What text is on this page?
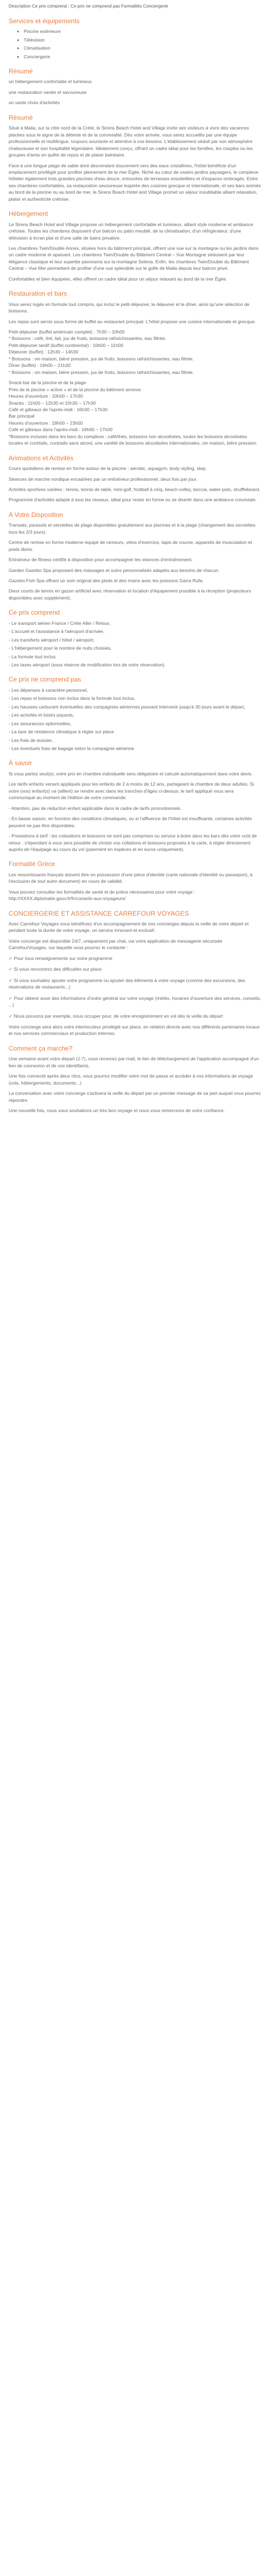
Description Ce prix comprend ; Ce prix ne comprend pas Formalités Conciergerie

Services et équipements
• Piscine extérieure
• Télévision
• Climatisation
• Conciergerie
Résumé

un hébergement confortable et lumineux

une restauration variée et savoureuse

un vaste choix d'activités

Résumé

Situé à Malia, sur la côte nord de la Crète, le Sirens Beach Hotel and Village invite ses visiteurs à vivre des vacances placées sous le signe de la détente et de la convivialité. Dès votre arrivée, vous serez accueillis par une équipe professionnelle et multilingue, toujours souriante et attentive à vos besoins. L'établissement séduit par son atmosphère chaleureuse et son hospitalité légendaire. Idéalement conçu, offrant un cadre idéal pour les familles, les couples ou les groupes d'amis en quête de repos et de plaisir balnéaire.

Face à une longue plage de sable doré descendant doucement vers des eaux cristallines, l'hôtel bénéficie d'un emplacement privilégié pour profiter pleinement de la mer Égée. Niché au cœur de vastes jardins paysagers, le complexe hôtelier également trois grandes piscines d'eau douce, entourées de terrasses ensoleillées et d'espaces ombragés. Entre ses chambres confortables, sa restauration savoureuse inspirée des cuisines grecque et internationale, et ses bars animés au bord de la piscine ou au bord de mer, le Sirens Beach Hotel and Village promet un séjour inoubliable alliant relaxation, plaisir et authenticité crétoise.

Hébergement

Le Sirens Beach Hotel and Village propose un hébergement confortable et lumineux, alliant style moderne et ambiance crétoise. Toutes les chambres disposent d'un balcon ou patio meublé, de la climatisation, d'un réfrigérateur, d'une télévision à écran plat et d'une salle de bains privative.

Les chambres Twin/Double Annex, situées hors du bâtiment principal, offrent une vue sur la montagne ou les jardins dans un cadre moderne et apaisant. Les chambres Twin/Double du Bâtiment Central – Vue Montagne séduisent par leur élégance classique et leur superbe panorama sur la montagne Selena. Enfin, les chambres Twin/Double du Bâtiment Central – Vue Mer permettent de profiter d'une vue splendide sur le golfe de Malia depuis leur balcon privé.

Confortables et bien équipées, elles offrent un cadre idéal pour un séjour relaxant au bord de la mer Égée.

Restauration et bars

Vous serez logés en formule tout compris, qui inclut le petit-déjeuner, le déjeuner et le dîner, ainsi qu'une sélection de boissons.

Les repas sont servis sous forme de buffet au restaurant principal. L'hôtel propose une cuisine internationale et grecque.

Petit-déjeuner (buffet américain complet) : 7h30 – 10h00
* Boissons : café, thé, lait, jus de fruits, boissons rafraîchissantes, eau filtrée.
Petit-déjeuner tardif (buffet continental) : 10h00 – 11h00
Déjeuner (buffet) : 12h30 – 14h30
* Boissons : vin maison, bière pression, jus de fruits, boissons rafraîchissantes, eau filtrée.
Dîner (buffet) : 19h00 – 21h30
* Boissons : vin maison, bière pression, jus de fruits, boissons rafraîchissantes, eau filtrée.
Snack-bar de la piscine et de la plage
Prés de la piscine « active » et de la piscine du bâtiment annexe.
Heures d'ouverture : 10h00 – 17h30
Snacks : 11h00 – 12h30 et 15h30 – 17h30
Café et gâteaux de l'après-midi : 16h30 – 17h30
Bar principal
Heures d'ouverture : 18h00 – 23h00
Café et gâteaux dans l'après-midi : 16h00 – 17h00
*Boissons incluses dans les bars du complexe : café/thés, boissons non alcoolisées, toutes les boissons alcoolisées locales et cocktails, cocktails sans alcool, une variété de boissons alcoolisées internationales, vin maison, bière pression.
Animations et Activités

Cours quotidiens de remise en forme autour de la piscine : aérobic, aquagym, body styling, step.

Séances de marche nordique encadrées par un entraîneur professionnel, deux fois par jour.

Activités sportives variées : tennis, tennis de table, mini-golf, football à cinq, beach-volley, boccia, water-polo, shuffleboard.

Programme d'activités adapté à tous les niveaux, idéal pour rester en forme ou se divertir dans une ambiance conviviale.

A Votre Disposition

Transats, parasols et serviettes de plage disponibles gratuitement aux piscines et à la plage (changement des serviettes tous les 2/3 jours).

Centre de remise en forme moderne équipé de rameurs, vélos d'exercice, tapis de course, appareils de musculation et poids libres.

Entraîneur de fitness certifié à disposition pour accompagner les séances d'entraînement.

Garden Gazebo Spa proposant des massages et soins personnalisés adaptés aux besoins de chacun.

Gazebo Fish Spa offrant un soin original des pieds et des mains avec les poissons Garra Rufa.

Deux courts de tennis en gazon artificiel avec réservation et location d'équipement possible à la réception (projecteurs disponibles avec supplément).

Ce prix comprend
- Le transport aérien France / Crète Aller / Retour,
- L'accueil et l'assistance à l'aéroport d'arrivée,
- Les transferts aéroport / hôtel / aéroport,
- L'hébergement pour le nombre de nuits choisies,
- La formule tout inclus
- Les taxes aéroport (sous réserve de modification lors de votre réservation)
Ce prix ne comprend pas
- Les dépenses à caractère personnel,
- Les repas et boissons non inclus dans la formule tout inclus,
- Les hausses carburant éventuelles des compagnies aériennes pouvant intervenir jusqu'à 30 jours avant le départ,
- Les activités et loisirs payants,
- Les assurances optionnelles,
- La taxe de résidence climatique à régler sur place
- Les frais de dossier,
- Les éventuels frais de bagage selon la compagnie aérienne
À savoir

Si vous partez seul(e), votre prix en chambre individuelle sera obligatoire et calculé automatiquement dans votre devis.

Les tarifs enfants venant appliqués pour les enfants de 2 à moins de 12 ans, partageant la chambre de deux adultes. Si votre (vos) enfant(s) va (aillent) se rendre avec dans les tranches d'âges ci-dessus, le tarif appliqué vous sera communiqué au moment de l'édition de votre commande.

- Attention, pas de réduction enfant applicable dans le cadre de tarifs promotionnels.

- En basse saison, en fonction des conditions climatiques, ou si l'affluence de l'hôtel est insuffisante, certaines activités peuvent ne pas être disponibles.

- Prestations à tarif : les cotisations et boissons ne sont pas comprises ou service à boire dans les bars dès votre coût de retour : s'épendant à vous sera possible de choisir vos collations et boissons proposés à la carte, à régler directement auprès de l'équipage au cours du vol (paiement en espèces et en euros uniquement).

Formalité Grèce

Les ressortissants français doivent être en possession d'une pièce d'identité (carte nationale d'identité ou passeport), à l'exclusion de tout autre document) en cours de validité.

Vous pouvez consulter les formalités de santé et de police nécessaires pour votre voyage : http://XXXX.diplomatie.gouv.fr/fr/conseils-aux-voyageurs/

CONCIERGERIE ET ASSISTANCE CARREFOUR VOYAGES

Avec Carrefour Voyages vous bénéficiez d'un accompagnement de nos concierges depuis la veille de votre départ et pendant toute la durée de votre voyage, un service innovant et exclusif.

Votre concierge est disponible 24/7, uniquement par chat, via votre application de messagerie sécurisée CarrefourVoyages, sur laquelle vous pourrez le contacter :

✓ Pour tous renseignements sur votre programme
✓ Si vous rencontrez des difficultés sur place
✓ Si vous souhaitez ajouter votre programme ou ajouter des éléments à votre voyage (comme des excursions, des réservations de restaurants...)
✓ Pour obtenir avoir des informations d'ordre général sur votre voyage (météo, horaires d'ouverture des services, conseils, ...)
✓ Nous pouvons par exemple, nous occuper pour, de votre enregistrement en vol dès la veille du départ

Votre concierge sera alors votre interlocuteur privilégié sur place, en relation directe avec nos différents partenaires locaux et nos services commerciaux et production internes.

Comment ça marche?

Une semaine avant votre départ (J-7), vous recevrez par mail, le lien de téléchargement de l'application accompagné d'un lien de connexion et de vos identifiants.

Une fois connecté après deux clics, vous pourrez modifier votre mot de passe et accéder à vos informations de voyage (vols, hébergements, documents...)

La conversation avec votre concierge s'activera la veille du départ par un premier message de sa part auquel vous pourrez répondre.

Une nouvelle fois, nous vous souhaitons un très bon voyage et nous vous remercions de votre confiance.
